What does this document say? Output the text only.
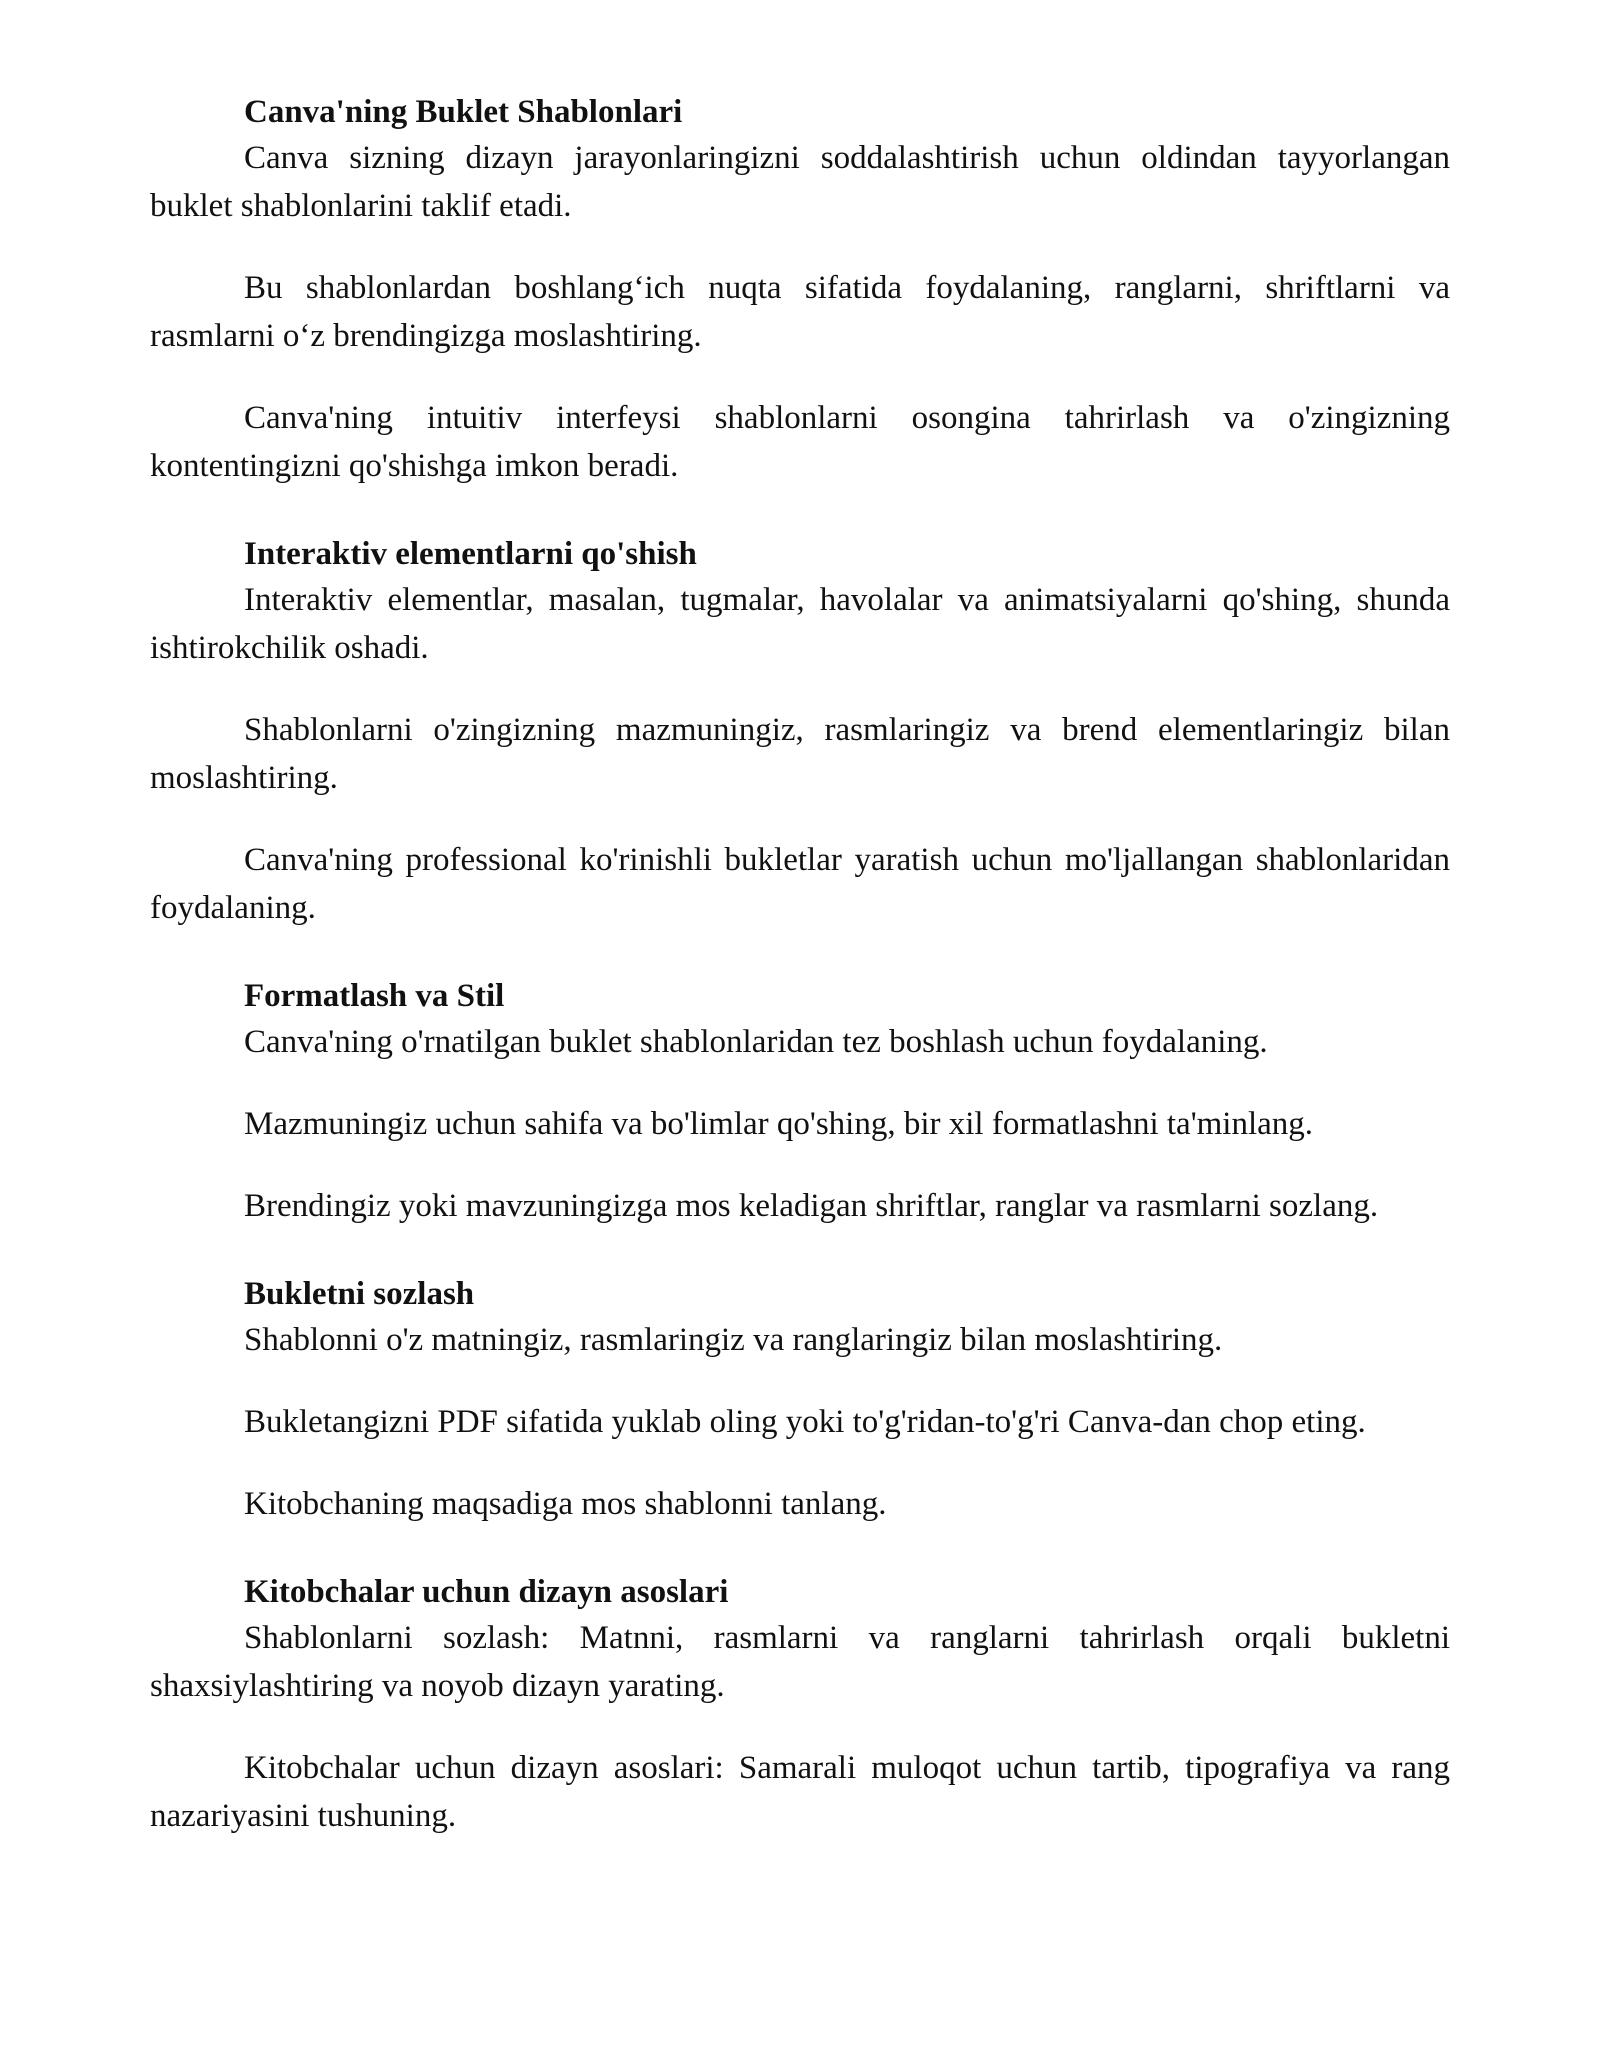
Canva'ning Buklet Shablonlari

Canva sizning dizayn jarayonlaringizni soddalashtirish uchun oldindan tayyorlangan buklet shablonlarini taklif etadi.

Bu shablonlardan boshlang‘ich nuqta sifatida foydalaning, ranglarni, shriftlarni va rasmlarni o‘z brendingizga moslashtiring.

Canva'ning intuitiv interfeysi shablonlarni osongina tahrirlash va o'zingizning kontentingizni qo'shishga imkon beradi.

Interaktiv elementlarni qo'shish

Interaktiv elementlar, masalan, tugmalar, havolalar va animatsiyalarni qo'shing, shunda ishtirokchilik oshadi.

Shablonlarni o'zingizning mazmuningiz, rasmlaringiz va brend elementlaringiz bilan moslashtiring.

Canva'ning professional ko'rinishli bukletlar yaratish uchun mo'ljallangan shablonlaridan foydalaning.

Formatlash va Stil

Canva'ning o'rnatilgan buklet shablonlaridan tez boshlash uchun foydalaning.

Mazmuningiz uchun sahifa va bo'limlar qo'shing, bir xil formatlashni ta'minlang.

Brendingiz yoki mavzuningizga mos keladigan shriftlar, ranglar va rasmlarni sozlang.

Bukletni sozlash

Shablonni o'z matningiz, rasmlaringiz va ranglaringiz bilan moslashtiring.

Bukletangizni PDF sifatida yuklab oling yoki to'g'ridan-to'g'ri Canva-dan chop eting.

Kitobchaning maqsadiga mos shablonni tanlang.

Kitobchalar uchun dizayn asoslari

Shablonlarni sozlash: Matnni, rasmlarni va ranglarni tahrirlash orqali bukletni shaxsiylashtiring va noyob dizayn yarating.

Kitobchalar uchun dizayn asoslari: Samarali muloqot uchun tartib, tipografiya va rang nazariyasini tushuning.
